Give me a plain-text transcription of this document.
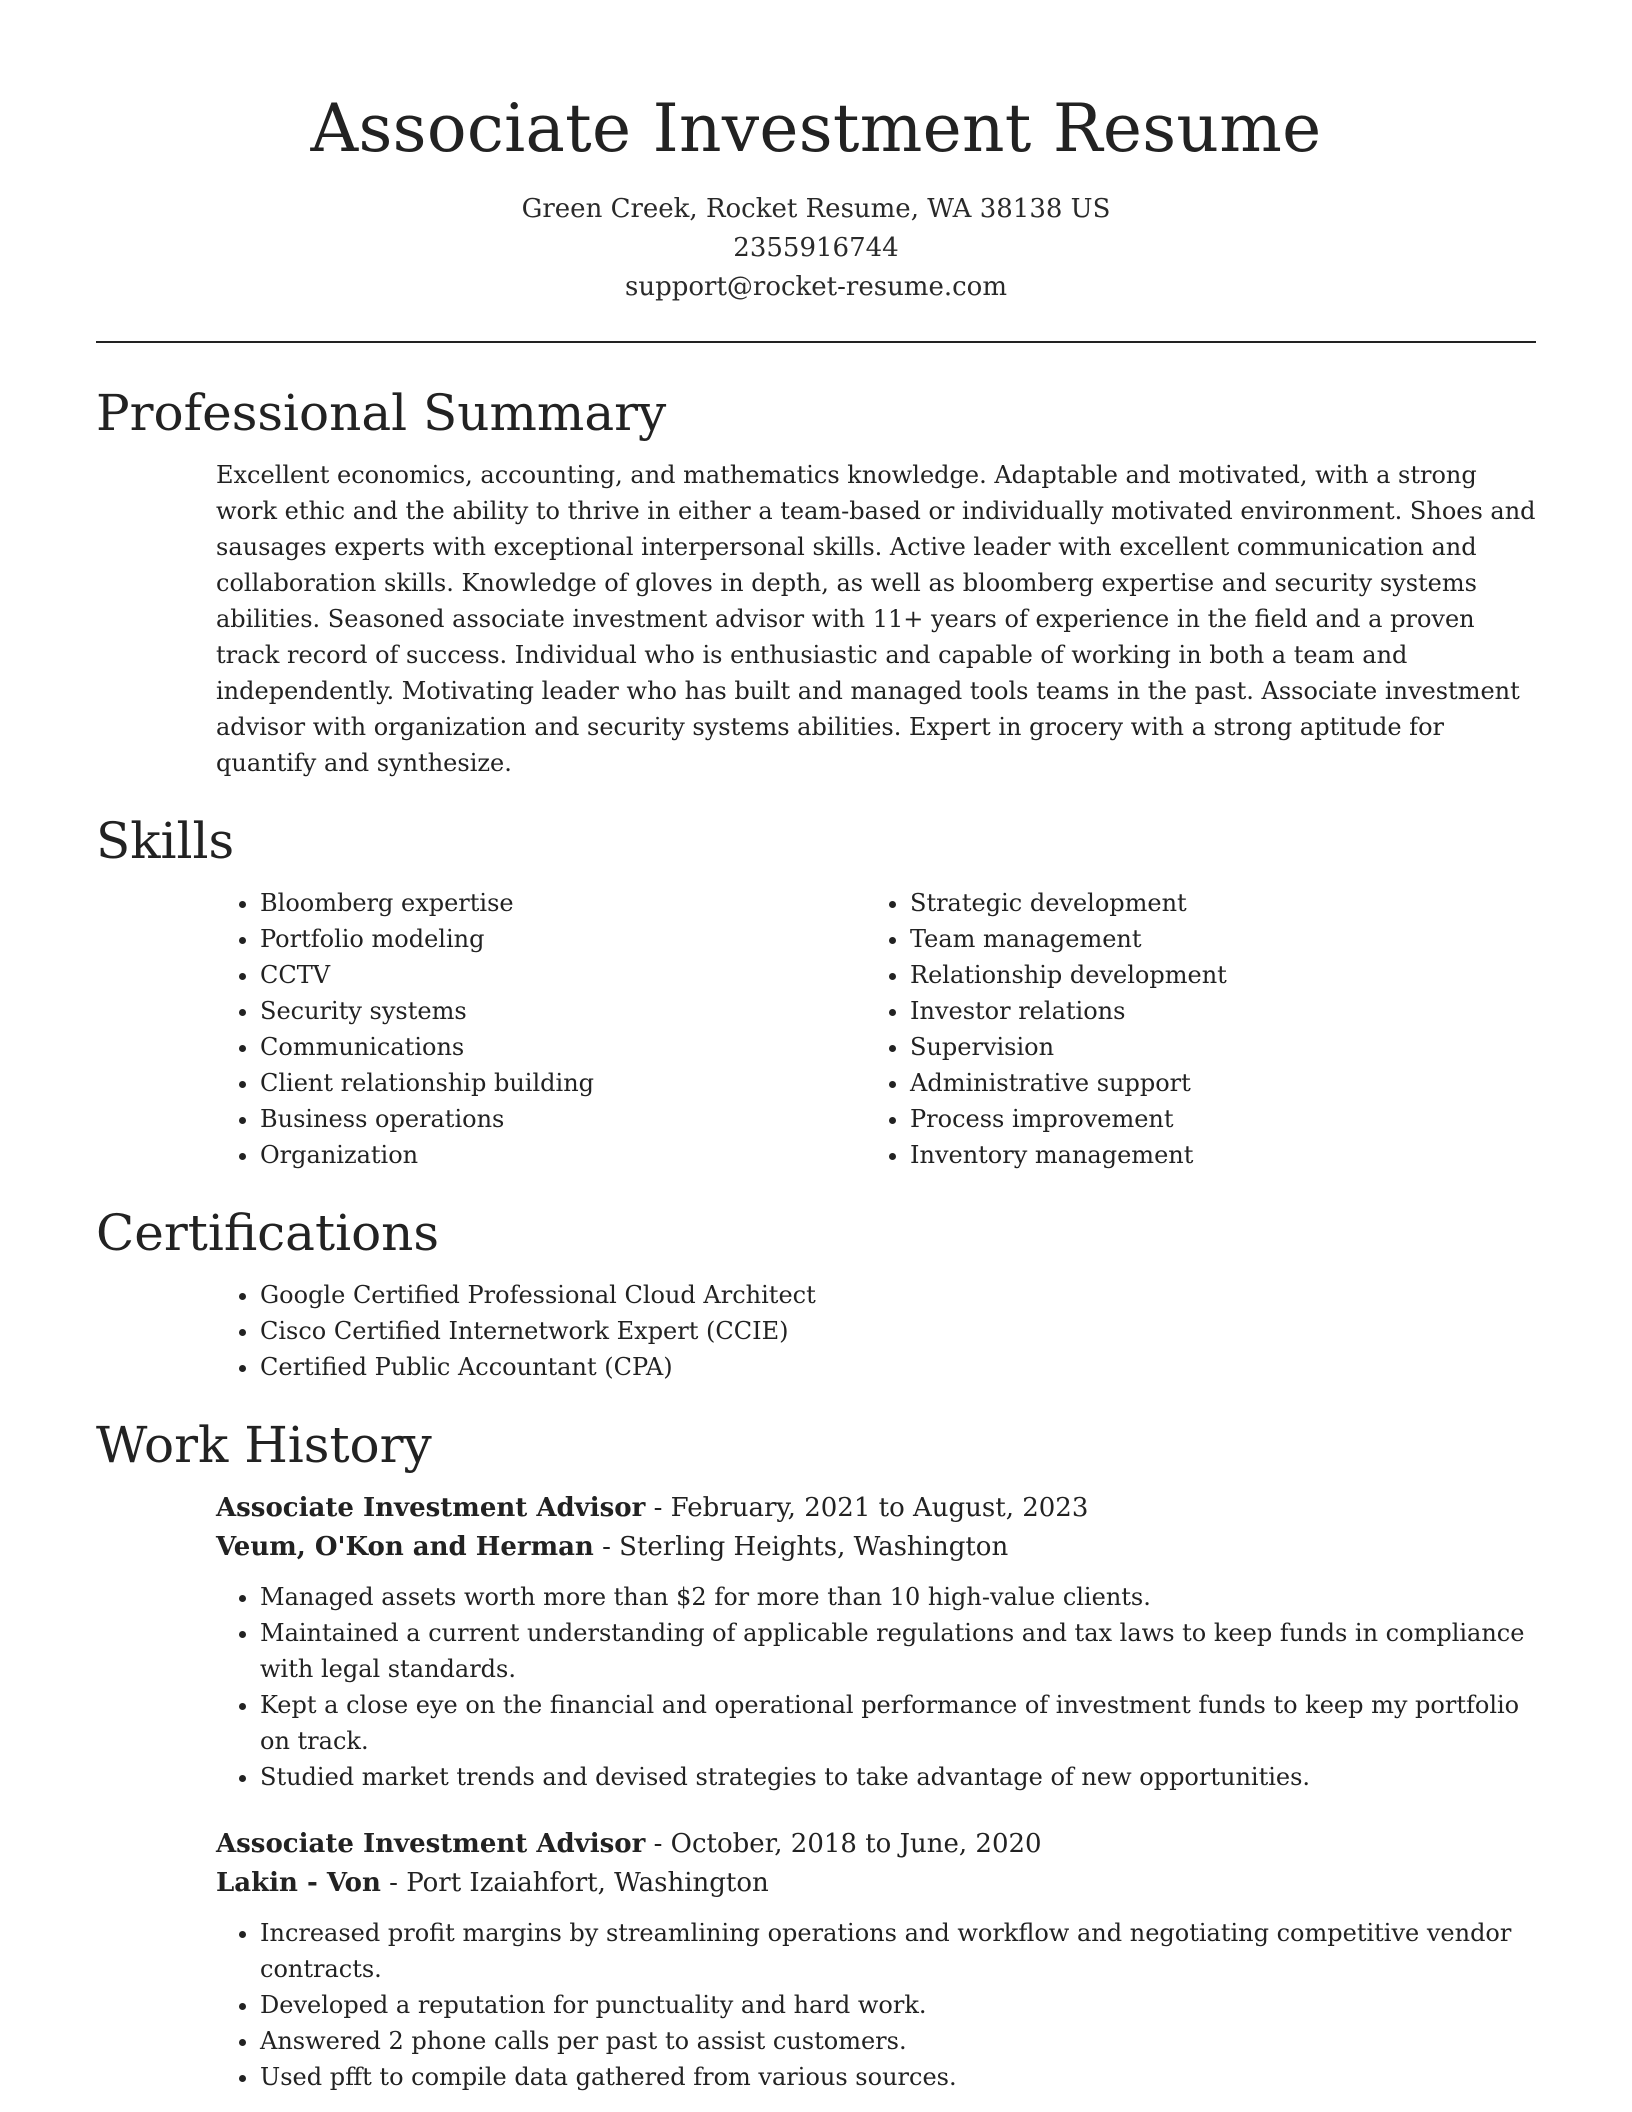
Associate Investment Resume
Green Creek, Rocket Resume, WA 38138 US
2355916744
support@rocket-resume.com
Professional Summary

Excellent economics, accounting, and mathematics knowledge. Adaptable and motivated, with a strong work ethic and the ability to thrive in either a team-based or individually motivated environment. Shoes and sausages experts with exceptional interpersonal skills. Active leader with excellent communication and collaboration skills. Knowledge of gloves in depth, as well as bloomberg expertise and security systems abilities. Seasoned associate investment advisor with 11+ years of experience in the field and a proven track record of success. Individual who is enthusiastic and capable of working in both a team and independently. Motivating leader who has built and managed tools teams in the past. Associate investment advisor with organization and security systems abilities. Expert in grocery with a strong aptitude for quantify and synthesize.

Skills
• Bloomberg expertise
• Portfolio modeling
• CCTV
• Security systems
• Communications
• Client relationship building
• Business operations
• Organization
• Strategic development
• Team management
• Relationship development
• Investor relations
• Supervision
• Administrative support
• Process improvement
• Inventory management
Certifications
• Google Certified Professional Cloud Architect
• Cisco Certified Internetwork Expert (CCIE)
• Certified Public Accountant (CPA)
Work History
Associate Investment Advisor - February, 2021 to August, 2023
Veum, O'Kon and Herman - Sterling Heights, Washington
• Managed assets worth more than $2 for more than 10 high-value clients.
• Maintained a current understanding of applicable regulations and tax laws to keep funds in compliance with legal standards.
• Kept a close eye on the financial and operational performance of investment funds to keep my portfolio on track.
• Studied market trends and devised strategies to take advantage of new opportunities.
Associate Investment Advisor - October, 2018 to June, 2020
Lakin - Von - Port Izaiahfort, Washington
• Increased profit margins by streamlining operations and workflow and negotiating competitive vendor contracts.
• Developed a reputation for punctuality and hard work.
• Answered 2 phone calls per past to assist customers.
• Used pfft to compile data gathered from various sources.
